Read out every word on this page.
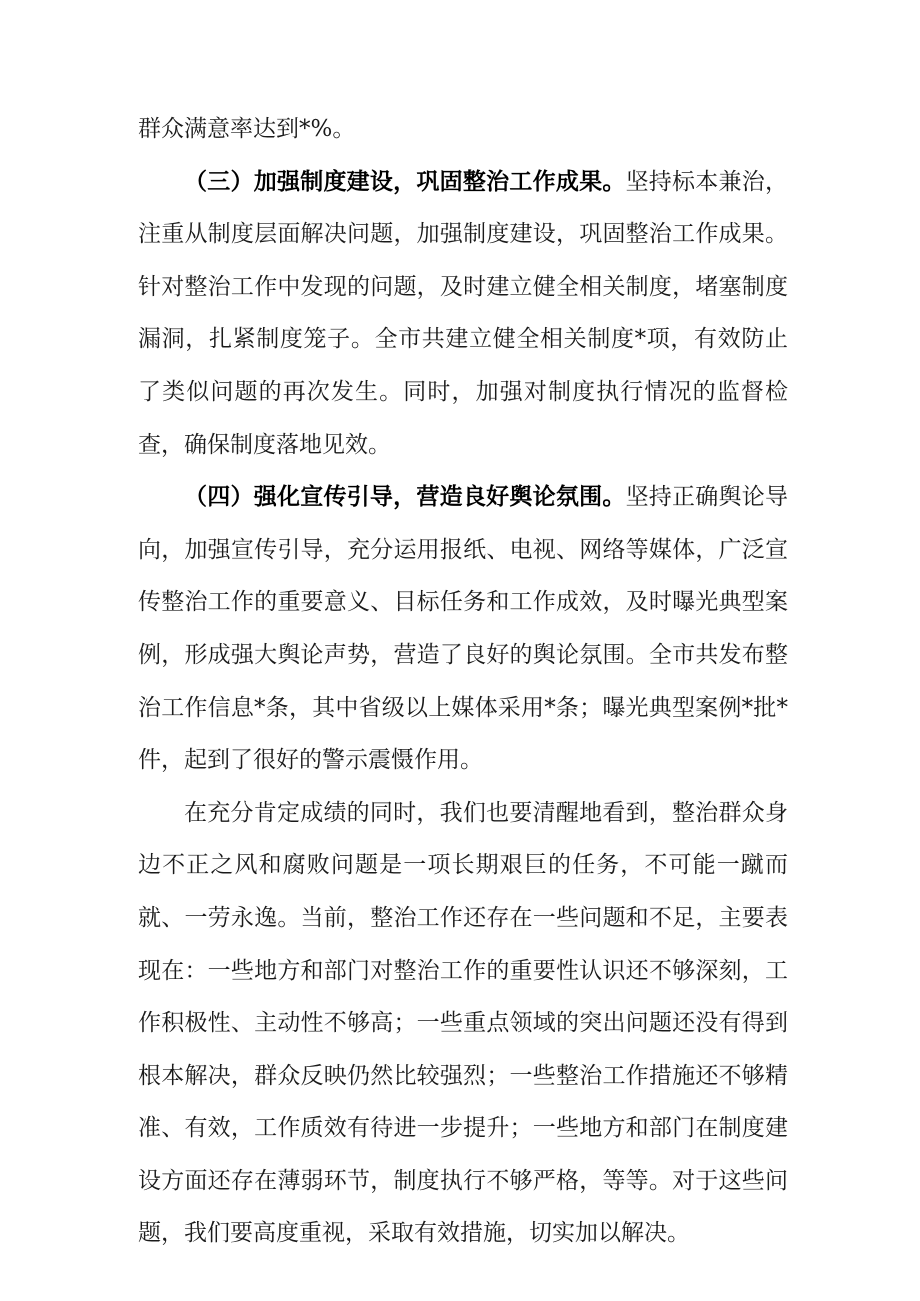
群众满意率达到*%。

（三）加强制度建设，巩固整治工作成果。坚持标本兼治，注重从制度层面解决问题，加强制度建设，巩固整治工作成果。针对整治工作中发现的问题，及时建立健全相关制度，堵塞制度漏洞，扎紧制度笼子。全市共建立健全相关制度*项，有效防止了类似问题的再次发生。同时，加强对制度执行情况的监督检查，确保制度落地见效。

（四）强化宣传引导，营造良好舆论氛围。坚持正确舆论导向，加强宣传引导，充分运用报纸、电视、网络等媒体，广泛宣传整治工作的重要意义、目标任务和工作成效，及时曝光典型案例，形成强大舆论声势，营造了良好的舆论氛围。全市共发布整治工作信息*条，其中省级以上媒体采用*条；曝光典型案例*批*件，起到了很好的警示震慑作用。

在充分肯定成绩的同时，我们也要清醒地看到，整治群众身边不正之风和腐败问题是一项长期艰巨的任务，不可能一蹴而就、一劳永逸。当前，整治工作还存在一些问题和不足，主要表现在：一些地方和部门对整治工作的重要性认识还不够深刻，工作积极性、主动性不够高；一些重点领域的突出问题还没有得到根本解决，群众反映仍然比较强烈；一些整治工作措施还不够精准、有效，工作质效有待进一步提升；一些地方和部门在制度建设方面还存在薄弱环节，制度执行不够严格，等等。对于这些问题，我们要高度重视，采取有效措施，切实加以解决。
